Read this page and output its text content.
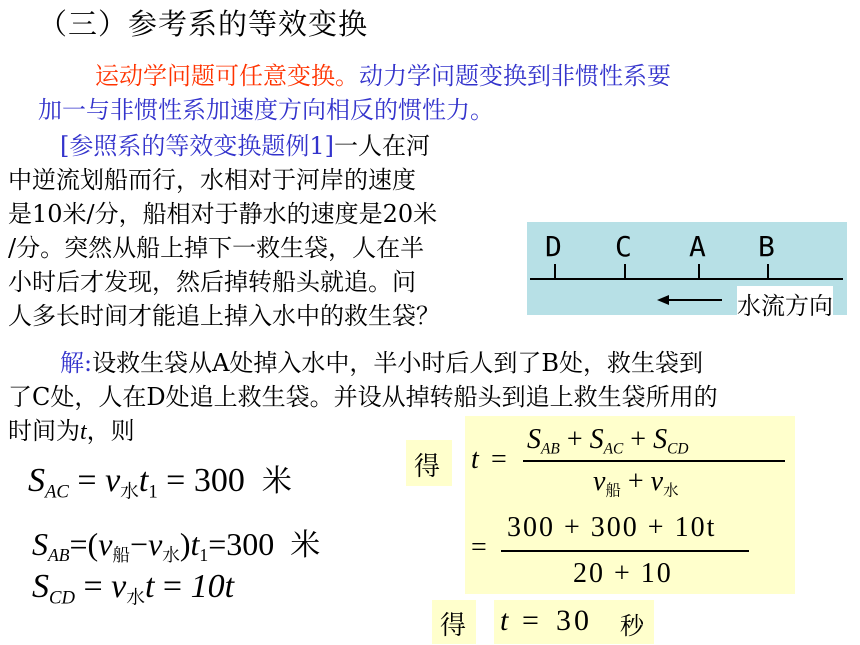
（三）参考系的等效变换
运动学问题可任意变换。动力学问题变换到非惯性系要
加一与非惯性系加速度方向相反的惯性力。
[参照系的等效变换题例1]一人在河
中逆流划船而行，水相对于河岸的速度
是10米/分，船相对于静水的速度是20米
/分。突然从船上掉下一救生袋，人在半
小时后才发现，然后掉转船头就追。问
人多长时间才能追上掉入水中的救生袋？
D C A B
水流方向
解:设救生袋从A处掉入水中，半小时后人到了B处，救生袋到
了C处，人在D处追上救生袋。并设从掉转船头到追上救生袋所用的
时间为t，则
SAC = $v_水t_1 = 300$ 米
$SAB=(v_船-v_水)t_1=300$ 米
SCD = $v_水t = 10t$
得 t =
SAB + SAC + SCD
$v_船 + v_水$
=
300 + 300 + 10t
20 + 10
得 t = 30 秒
